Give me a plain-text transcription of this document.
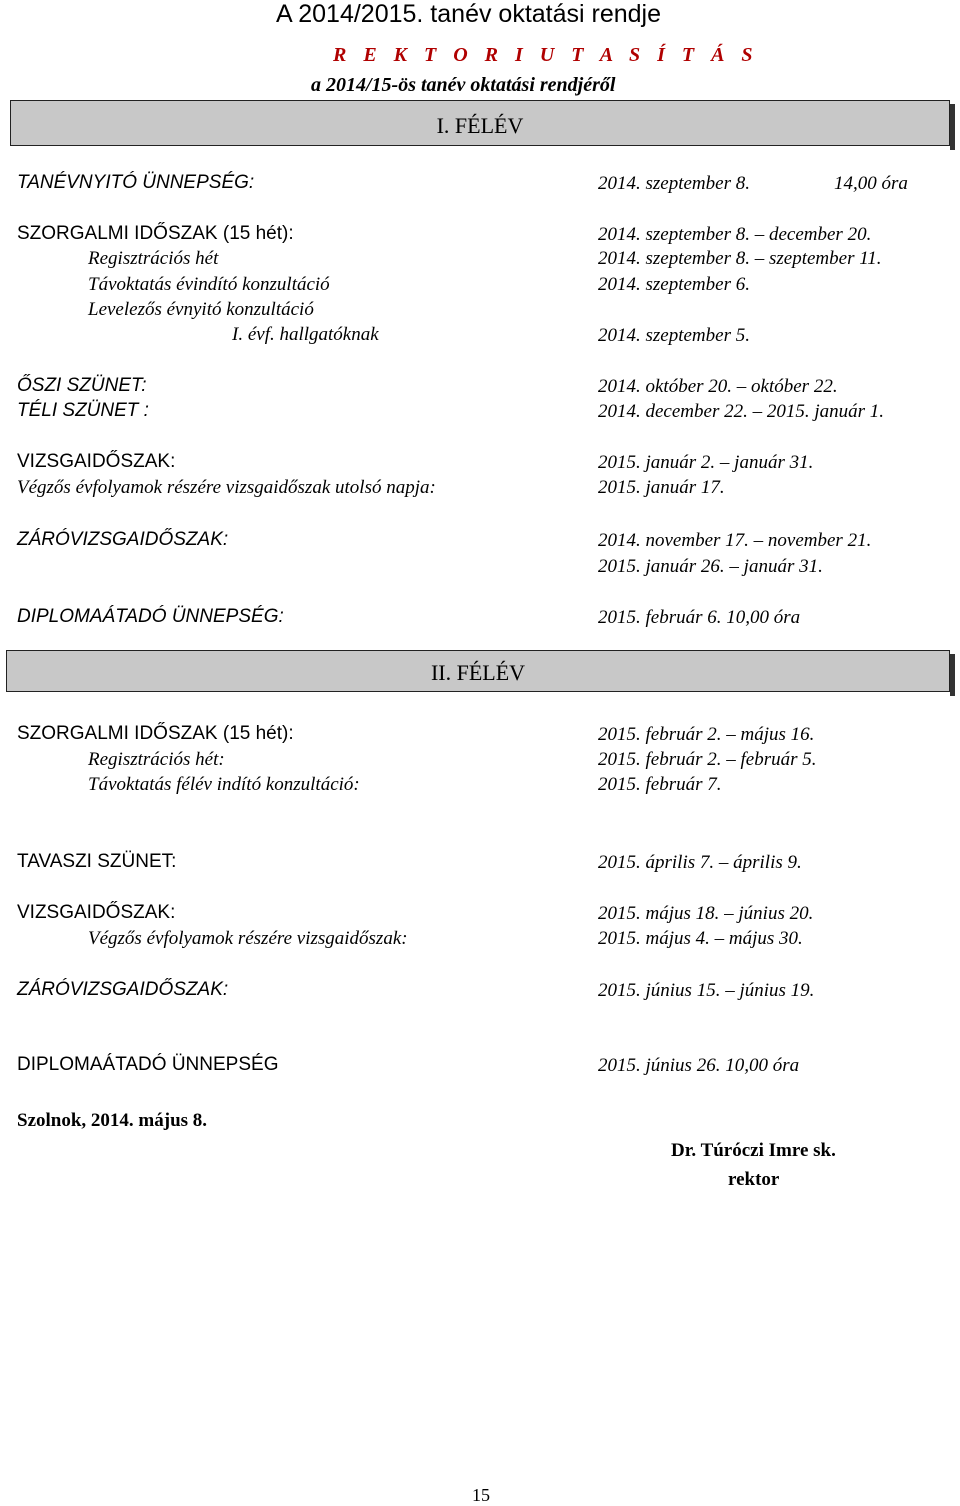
A 2014/2015. tanév oktatási rendje
R E K T O R I U T A S Í T Á S
a 2014/15-ös tanév oktatási rendjéről
I. FÉLÉV
TANÉVNYITÓ ÜNNEPSÉG:	2014. szeptember 8.	14,00 óra
SZORGALMI IDŐSZAK (15 hét):	2014. szeptember 8. – december 20.
Regisztrációs hét	2014. szeptember 8. – szeptember 11.
Távoktatás évindító konzultáció	2014. szeptember 6.
Levelezős évnyitó konzultáció
I. évf. hallgatóknak	2014. szeptember 5.
ŐSZI SZÜNET:	2014. október 20. – október 22.
TÉLI SZÜNET :	2014. december 22. – 2015. január 1.
VIZSGAIDŐSZAK:	2015. január 2. – január 31.
Végzős évfolyamok részére vizsgaidőszak utolsó napja:	2015. január 17.
ZÁRÓVIZSGAIDŐSZAK:	2014. november 17. – november 21.
2015. január 26. – január 31.
DIPLOMAÁTADÓ ÜNNEPSÉG:	2015. február 6. 10,00 óra
II. FÉLÉV
SZORGALMI IDŐSZAK (15 hét):	2015. február 2. – május 16.
Regisztrációs hét:	2015. február 2. – február 5.
Távoktatás félév indító konzultáció:	2015. február 7.
TAVASZI SZÜNET:	2015. április 7. – április 9.
VIZSGAIDŐSZAK:	2015. május 18. – június 20.
Végzős évfolyamok részére vizsgaidőszak:	2015. május 4. – május 30.
ZÁRÓVIZSGAIDŐSZAK:	2015. június 15. – június 19.
DIPLOMAÁTADÓ ÜNNEPSÉG	2015. június 26. 10,00 óra
Szolnok, 2014. május 8.
Dr. Túróczi Imre sk.
rektor
15
